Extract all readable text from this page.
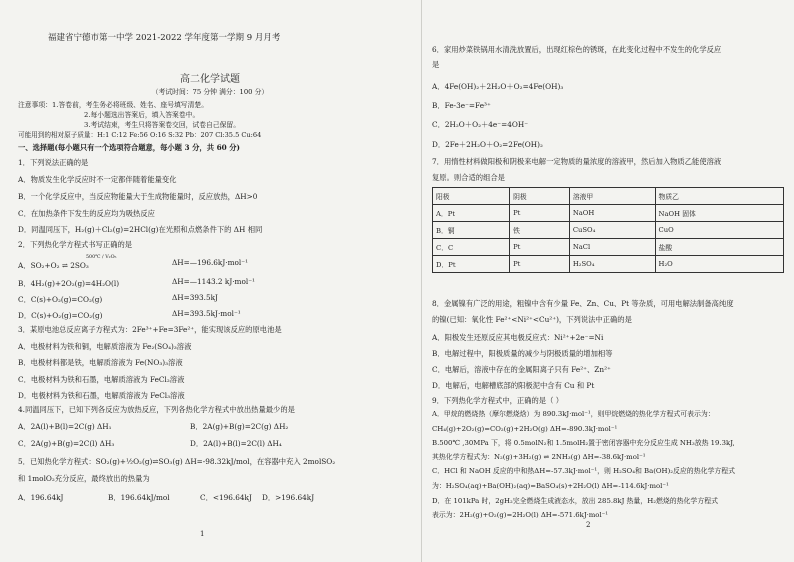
福建省宁德市第一中学 2021-2022 学年度第一学期 9 月月考
高二化学试题
（考试时间：75 分钟 满分：100 分）
注意事项：1.答卷前，考生务必将班级、姓名、座号填写清楚。
2.每小题选出答案后，填入答案卷中。
3.考试结束，考生只将答案卷交回，试卷自己保留。
可能用到的相对原子质量：H:1 C:12 Fe:56 O:16 S:32 Pb：207 Cl:35.5 Cu:64
一、选择题(每小题只有一个选项符合题意，每小题 3 分，共 60 分)
1．下列说法正确的是
A．物质发生化学反应时不一定都伴随着能量变化
B．一个化学反应中，当反应物能量大于生成物能量时，反应放热，ΔH>0
C．在加热条件下发生的反应均为吸热反应
D．同温同压下，H₂(g)＋Cl₂(g)=2HCl(g)在光照和点燃条件下的 ΔH 相同
2．下列热化学方程式书写正确的是
500℃ / V₂O₅
A．SO₂+O₂ ⇌ 2SO₃	ΔH=—196.6kJ·mol⁻¹
B．4H₂(g)+2O₂(g)=4H₂O(l)	ΔH=—1143.2 kJ·mol⁻¹
C．C(s)+O₂(g)=CO₂(g)	ΔH=393.5kJ
D．C(s)+O₂(g)=CO₂(g)	ΔH=393.5kJ·mol⁻¹
3．某原电池总反应离子方程式为：2Fe³⁺+Fe=3Fe²⁺，能实现该反应的原电池是
A．电极材料为铁和铜，电解质溶液为 Fe₂(SO₄)₃溶液
B．电极材料都是铁，电解质溶液为 Fe(NO₃)₃溶液
C．电极材料为铁和石墨，电解质溶液为 FeCl₂溶液
D．电极材料为铁和石墨，电解质溶液为 FeCl₃溶液
4.同温同压下，已知下列各反应为放热反应，下列各热化学方程式中放出热量最少的是
A．2A(l)+B(l)=2C(g) ΔH₁	B．2A(g)+B(g)=2C(g) ΔH₂
C．2A(g)+B(g)=2C(l) ΔH₃	D．2A(l)+B(l)=2C(l) ΔH₄
5．已知热化学方程式：SO₂(g)+½O₂(g)⇌SO₃(g) ΔH=-98.32kJ/mol，在容器中充入 2molSO₂
和 1molO₂充分反应，最终放出的热量为
A．196.64kJ	B．196.64kJ/mol	C．<196.64kJ D．>196.64kJ
1
6．家用炒菜铁锅用水清洗放置后，出现红棕色的锈斑，在此变化过程中不发生的化学反应
是
A．4Fe(OH)₂＋2H₂O＋O₂=4Fe(OH)₃
B．Fe-3e⁻=Fe³⁺
C．2H₂O＋O₂＋4e⁻=4OH⁻
D．2Fe＋2H₂O＋O₂=2Fe(OH)₂
7．用惰性材料做阳极和阴极来电解一定物质的量浓度的溶液甲，然后加入物质乙能使溶液
复原。则合适的组合是
阳极	阴极	溶液甲	物质乙
A．Pt	Pt	NaOH	NaOH 固体
B．铜	铁	CuSO₄	CuO
C．C	Pt	NaCl	盐酸
D．Pt	Pt	H₂SO₄	H₂O
8．金属镍有广泛的用途，粗镍中含有少量 Fe、Zn、Cu、Pt 等杂质，可用电解法制备高纯度
的镍(已知：氧化性 Fe²⁺<Ni²⁺<Cu²⁺)，下列说法中正确的是
A．阳极发生还原反应其电极反应式：Ni²⁺+2e⁻=Ni
B．电解过程中，阳极质量的减少与阴极质量的增加相等
C．电解后，溶液中存在的金属阳离子只有 Fe²⁺、Zn²⁺
D．电解后，电解槽底部的阳极泥中含有 Cu 和 Pt
9．下列热化学方程式中，正确的是（ ）
A．甲烷的燃烧热（摩尔燃烧焓）为 890.3kJ·mol⁻¹，则甲烷燃烧的热化学方程式可表示为：
CH₄(g)+2O₂(g)=CO₂(g)+2H₂O(g) ΔH=-890.3kJ·mol⁻¹
B.500℃ ,30MPa 下，将 0.5molN₂和 1.5molH₂置于密闭容器中充分反应生成 NH₃放热 19.3kJ,
其热化学方程式为：N₂(g)+3H₂(g) ⇌ 2NH₃(g) ΔH=-38.6kJ·mol⁻¹
C．HCl 和 NaOH 反应的中和热ΔH=-57.3kJ·mol⁻¹，则 H₂SO₄和 Ba(OH)₂反应的热化学方程式
为：H₂SO₄(aq)+Ba(OH)₂(aq)=BaSO₄(s)+2H₂O(l) ΔH=-114.6kJ·mol⁻¹
D．在 101kPa 时，2gH₂完全燃烧生成液态水，放出 285.8kJ 热量，H₂燃烧的热化学方程式
表示为：2H₂(g)+O₂(g)=2H₂O(l) ΔH=-571.6kJ·mol⁻¹
2
